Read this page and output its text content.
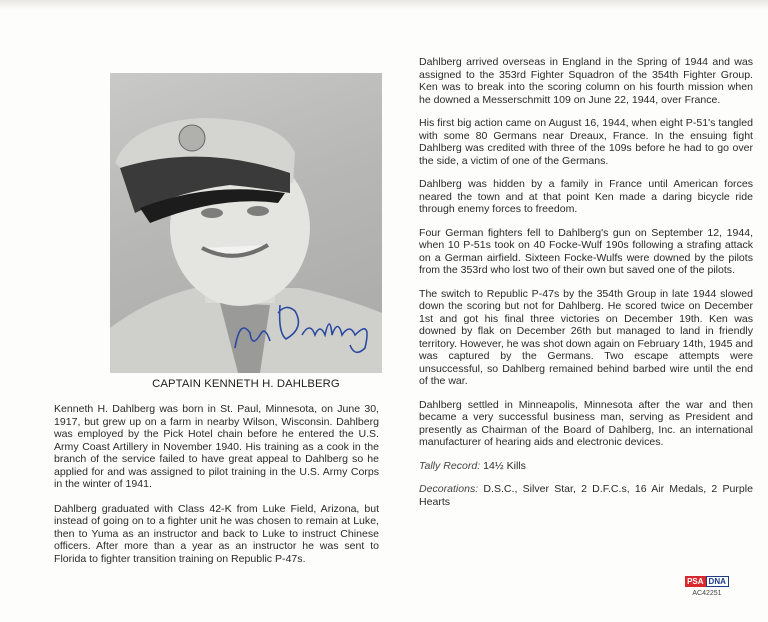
CAPTAIN KENNETH H. DAHLBERG

Kenneth H. Dahlberg was born in St. Paul, Minnesota, on June 30, 1917, but grew up on a farm in nearby Wilson, Wisconsin. Dahlberg was employed by the Pick Hotel chain before he entered the U.S. Army Coast Artillery in November 1940. His training as a cook in the branch of the service failed to have great appeal to Dahlberg so he applied for and was assigned to pilot training in the U.S. Army Corps in the winter of 1941.

Dahlberg graduated with Class 42-K from Luke Field, Arizona, but instead of going on to a fighter unit he was chosen to remain at Luke, then to Yuma as an instructor and back to Luke to instruct Chinese officers. After more than a year as an instructor he was sent to Florida to fighter transition training on Republic P-47s.

Dahlberg arrived overseas in England in the Spring of 1944 and was assigned to the 353rd Fighter Squadron of the 354th Fighter Group. Ken was to break into the scoring column on his fourth mission when he downed a Messerschmitt 109 on June 22, 1944, over France.

His first big action came on August 16, 1944, when eight P-51's tangled with some 80 Germans near Dreaux, France. In the ensuing fight Dahlberg was credited with three of the 109s before he had to go over the side, a victim of one of the Germans.

Dahlberg was hidden by a family in France until American forces neared the town and at that point Ken made a daring bicycle ride through enemy forces to freedom.

Four German fighters fell to Dahlberg's gun on September 12, 1944, when 10 P-51s took on 40 Focke-Wulf 190s following a strafing attack on a German airfield. Sixteen Focke-Wulfs were downed by the pilots from the 353rd who lost two of their own but saved one of the pilots.

The switch to Republic P-47s by the 354th Group in late 1944 slowed down the scoring but not for Dahlberg. He scored twice on December 1st and got his final three victories on December 19th. Ken was downed by flak on December 26th but managed to land in friendly territory. However, he was shot down again on February 14th, 1945 and was captured by the Germans. Two escape attempts were unsuccessful, so Dahlberg remained behind barbed wire until the end of the war.

Dahlberg settled in Minneapolis, Minnesota after the war and then became a very successful business man, serving as President and presently as Chairman of the Board of Dahlberg, Inc. an international manufacturer of hearing aids and electronic devices.

Tally Record: 14½ Kills

Decorations: D.S.C., Silver Star, 2 D.F.C.s, 16 Air Medals, 2 Purple Hearts

PSA DNA
AC42251
